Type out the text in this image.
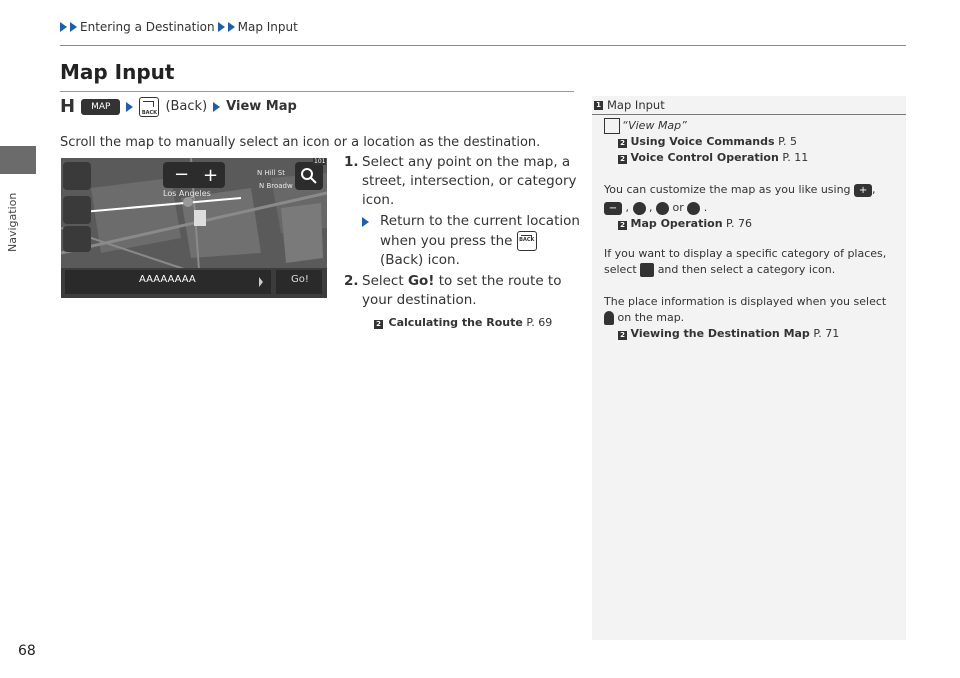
Navigation
Entering a Destination Map Input
Map Input
H	MAP
BACK	(Back) View Map
Scroll the map to manually select an icon or a location as the destination.
− +
Los Angeles
N Hill St
N Broadw
101
AAAAAAAA	Go!
1. Select any point on the map, a street, intersection, or category icon.
Return to the current location when you press the BACK (Back) icon.
2. Select Go! to set the route to your destination.
2 Calculating the Route P. 69
1 Map Input
“View Map”
2 Using Voice Commands P. 5
2 Voice Control Operation P. 11
You can customize the map as you like using + ,
− ,  ,  or  .
2 Map Operation P. 76
If you want to display a specific category of places,
select and then select a category icon.
The place information is displayed when you select
on the map.
2 Viewing the Destination Map P. 71
68
